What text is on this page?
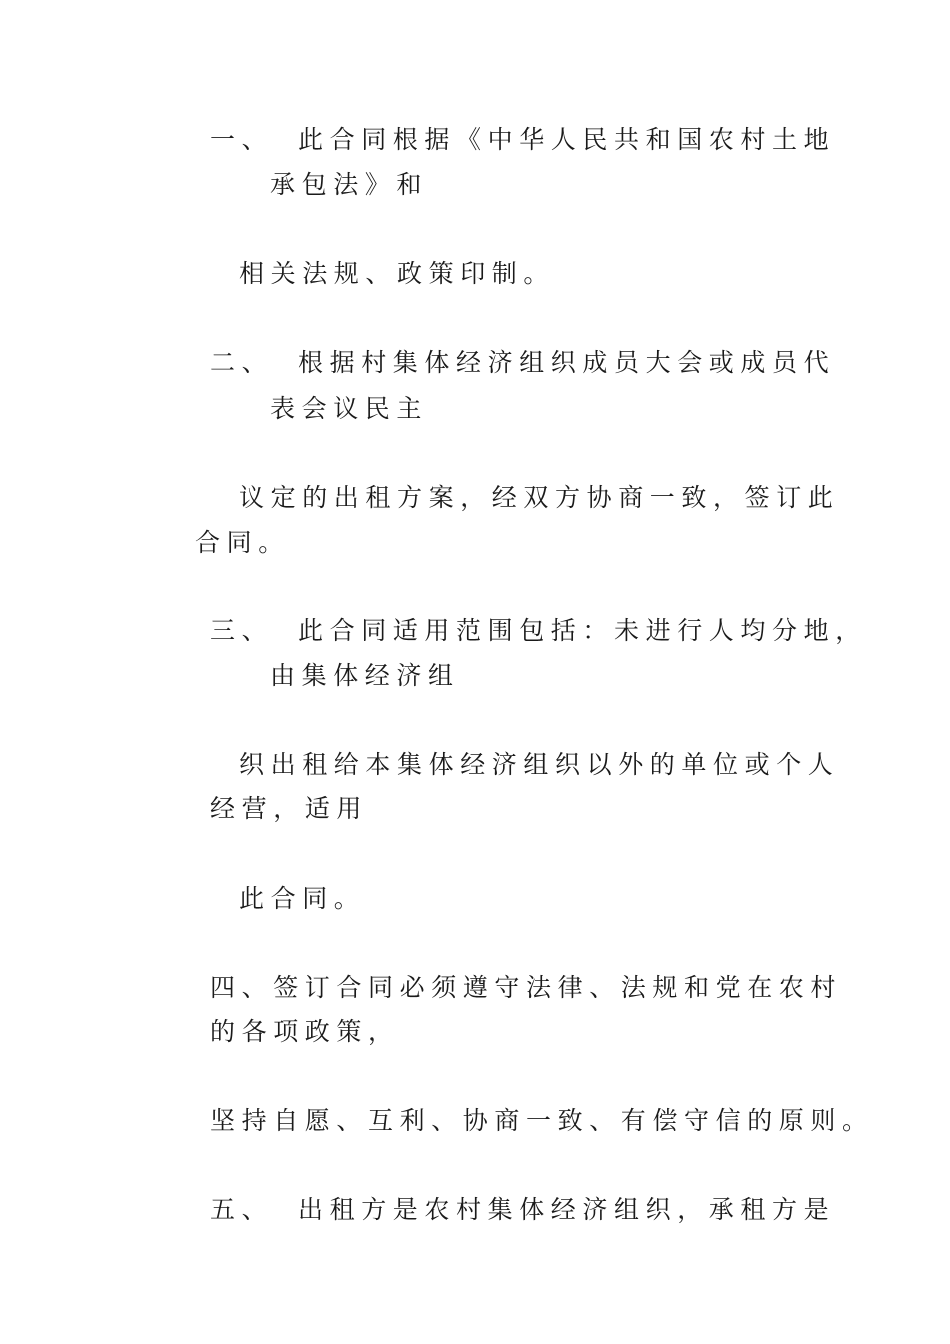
一、 此合同根据《中华人民共和国农村土地
承包法》和
相关法规、政策印制。
二、 根据村集体经济组织成员大会或成员代
表会议民主
议定的出租方案，经双方协商一致，签订此
合同。
三、 此合同适用范围包括：未进行人均分地，
由集体经济组
织出租给本集体经济组织以外的单位或个人
经营，适用
此合同。
四、签订合同必须遵守法律、法规和党在农村
的各项政策，
坚持自愿、互利、协商一致、有偿守信的原则。
五、 出租方是农村集体经济组织，承租方是
